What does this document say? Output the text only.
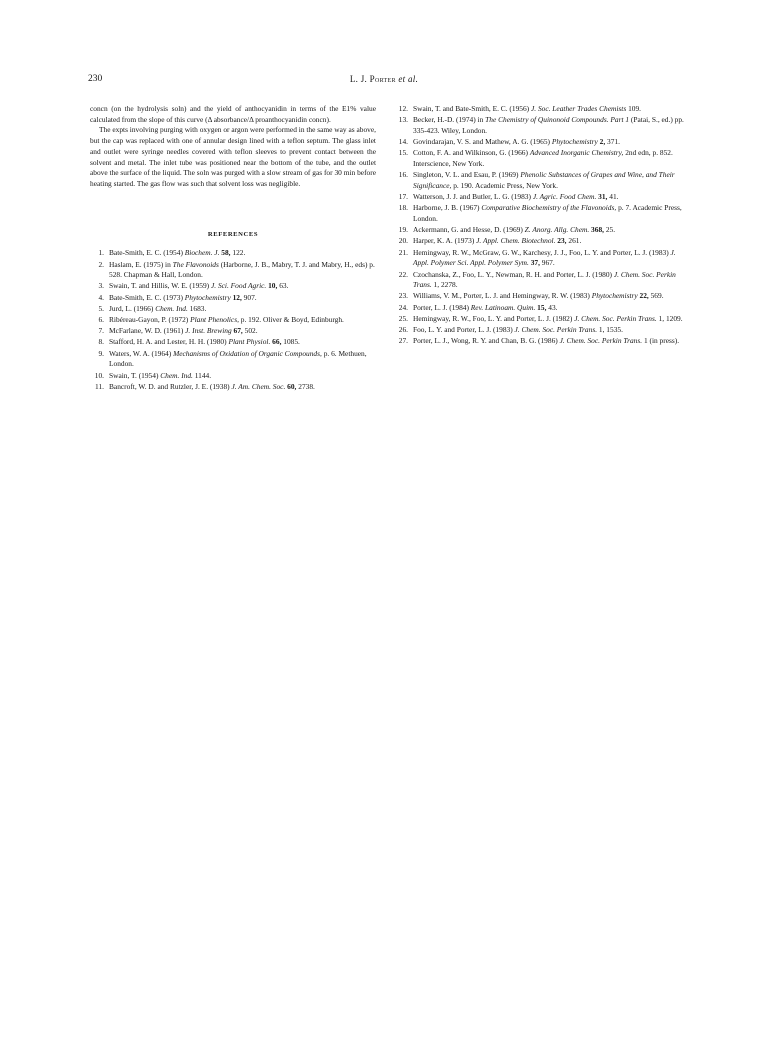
230	L. J. Porter et al.

concn (on the hydrolysis soln) and the yield of anthocyanidin in terms of the E1% value calculated from the slope of this curve (Δ absorbance/Δ proanthocyanidin concn).

The expts involving purging with oxygen or argon were performed in the same way as above, but the cap was replaced with one of annular design lined with a teflon septum. The glass inlet and outlet were syringe needles covered with teflon sleeves to prevent contact between the solvent and metal. The inlet tube was positioned near the bottom of the tube, and the outlet above the surface of the liquid. The soln was purged with a slow stream of gas for 30 min before heating started. The gas flow was such that solvent loss was negligible.

REFERENCES
1. Bate-Smith, E. C. (1954) Biochem. J. 58, 122.
2. Haslam, E. (1975) in The Flavonoids (Harborne, J. B., Mabry, T. J. and Mabry, H., eds) p. 528. Chapman & Hall, London.
3. Swain, T. and Hillis, W. E. (1959) J. Sci. Food Agric. 10, 63.
4. Bate-Smith, E. C. (1973) Phytochemistry 12, 907.
5. Jurd, L. (1966) Chem. Ind. 1683.
6. Ribéreau-Gayon, P. (1972) Plant Phenolics, p. 192. Oliver & Boyd, Edinburgh.
7. McFarlane, W. D. (1961) J. Inst. Brewing 67, 502.
8. Stafford, H. A. and Lester, H. H. (1980) Plant Physiol. 66, 1085.
9. Waters, W. A. (1964) Mechanisms of Oxidation of Organic Compounds, p. 6. Methuen, London.
10. Swain, T. (1954) Chem. Ind. 1144.
11. Bancroft, W. D. and Rutzler, J. E. (1938) J. Am. Chem. Soc. 60, 2738.
12. Swain, T. and Bate-Smith, E. C. (1956) J. Soc. Leather Trades Chemists 109.
13. Becker, H.-D. (1974) in The Chemistry of Quinonoid Compounds. Part 1 (Patai, S., ed.) pp. 335-423. Wiley, London.
14. Govindarajan, V. S. and Mathew, A. G. (1965) Phytochemistry 2, 371.
15. Cotton, F. A. and Wilkinson, G. (1966) Advanced Inorganic Chemistry, 2nd edn, p. 852. Interscience, New York.
16. Singleton, V. L. and Esau, P. (1969) Phenolic Substances of Grapes and Wine, and Their Significance, p. 190. Academic Press, New York.
17. Watterson, J. J. and Butler, L. G. (1983) J. Agric. Food Chem. 31, 41.
18. Harborne, J. B. (1967) Comparative Biochemistry of the Flavonoids, p. 7. Academic Press, London.
19. Ackermann, G. and Hesse, D. (1969) Z. Anorg. Allg. Chem. 368, 25.
20. Harper, K. A. (1973) J. Appl. Chem. Biotechnol. 23, 261.
21. Hemingway, R. W., McGraw, G. W., Karchesy, J. J., Foo, L. Y. and Porter, L. J. (1983) J. Appl. Polymer Sci. Appl. Polymer Sym. 37, 967.
22. Czochanska, Z., Foo, L. Y., Newman, R. H. and Porter, L. J. (1980) J. Chem. Soc. Perkin Trans. 1, 2278.
23. Williams, V. M., Porter, L. J. and Hemingway, R. W. (1983) Phytochemistry 22, 569.
24. Porter, L. J. (1984) Rev. Latinoam. Quim. 15, 43.
25. Hemingway, R. W., Foo, L. Y. and Porter, L. J. (1982) J. Chem. Soc. Perkin Trans. 1, 1209.
26. Foo, L. Y. and Porter, L. J. (1983) J. Chem. Soc. Perkin Trans. 1, 1535.
27. Porter, L. J., Wong, R. Y. and Chan, B. G. (1986) J. Chem. Soc. Perkin Trans. 1 (in press).
